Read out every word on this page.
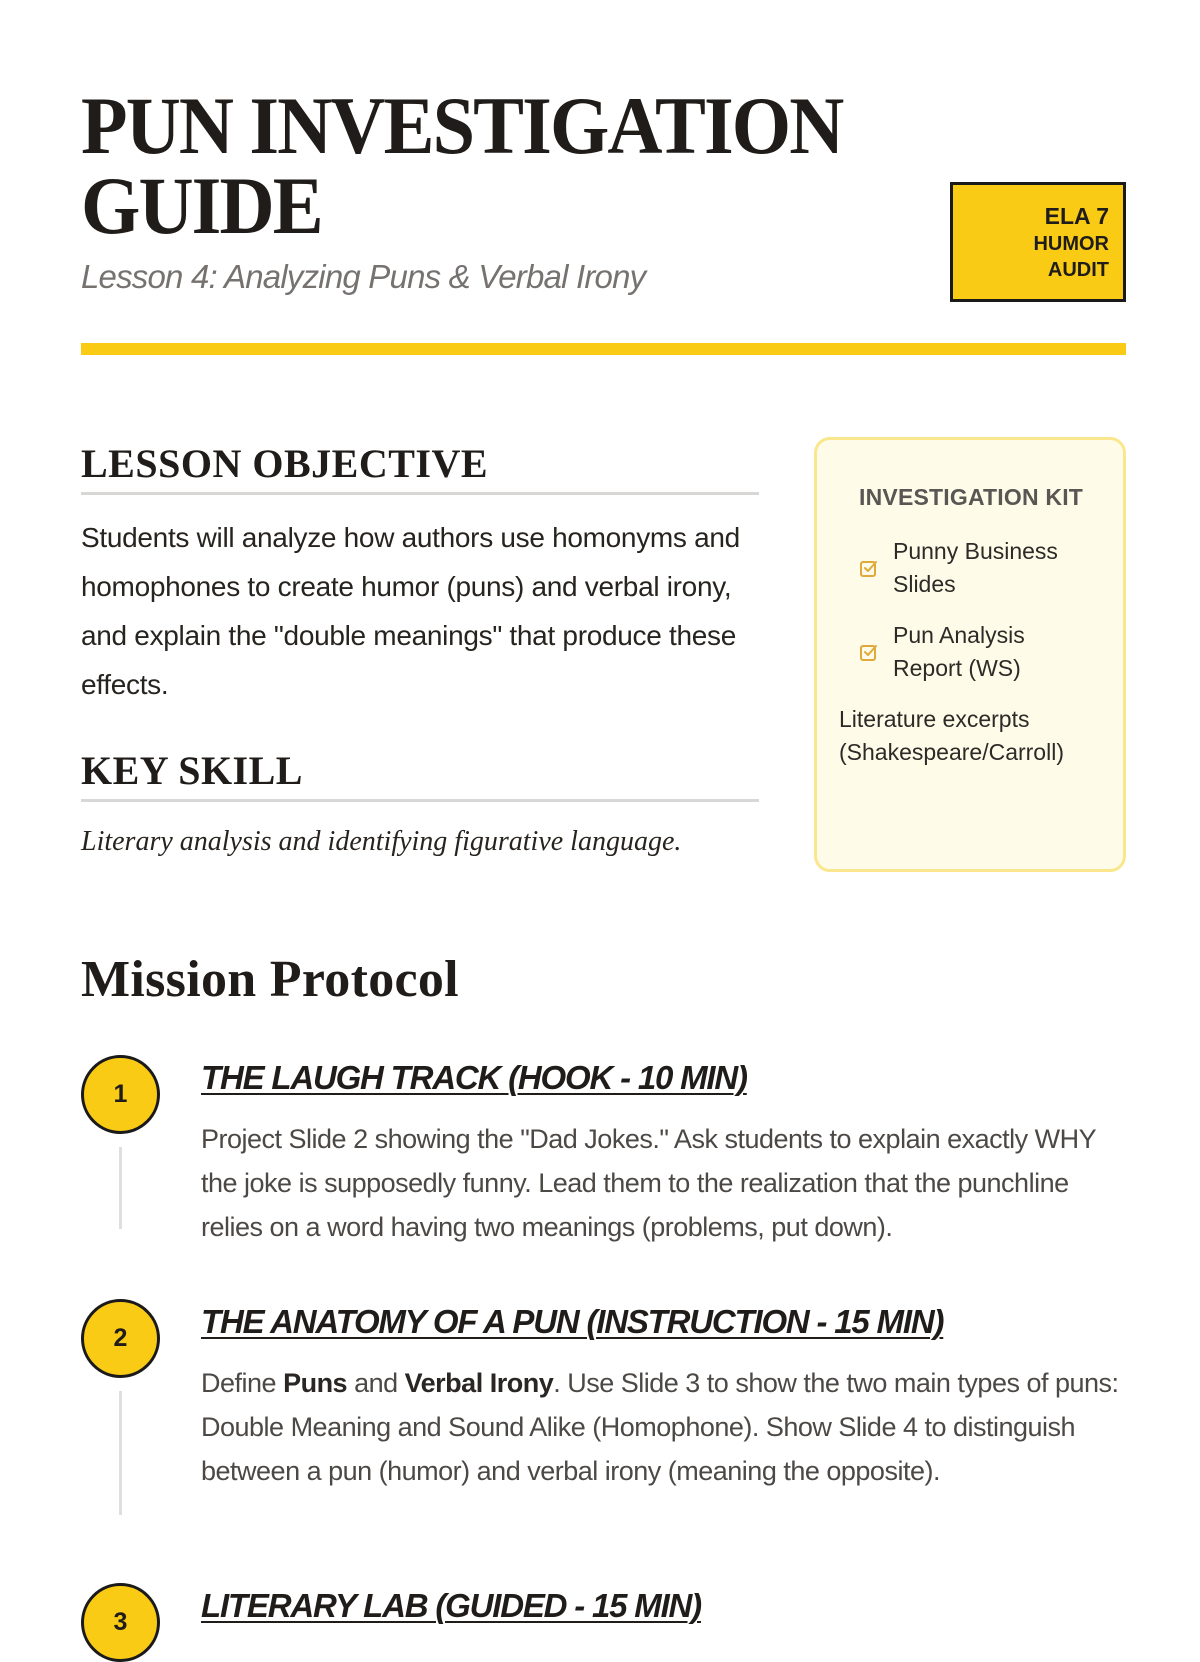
PUN INVESTIGATION GUIDE
Lesson 4: Analyzing Puns & Verbal Irony
ELA 7
HUMOR
AUDIT
LESSON OBJECTIVE

Students will analyze how authors use homonyms and homophones to create humor (puns) and verbal irony, and explain the "double meanings" that produce these effects.

KEY SKILL

Literary analysis and identifying figurative language.

INVESTIGATION KIT
Punny Business Slides
Pun Analysis Report (WS)
Literature excerpts (Shakespeare/Carroll)
Mission Protocol
1	THE LAUGH TRACK (HOOK - 10 MIN)
Project Slide 2 showing the "Dad Jokes." Ask students to explain exactly WHY the joke is supposedly funny. Lead them to the realization that the punchline relies on a word having two meanings (problems, put down).
2	THE ANATOMY OF A PUN (INSTRUCTION - 15 MIN)
Define Puns and Verbal Irony. Use Slide 3 to show the two main types of puns: Double Meaning and Sound Alike (Homophone). Show Slide 4 to distinguish between a pun (humor) and verbal irony (meaning the opposite).
3	LITERARY LAB (GUIDED - 15 MIN)
